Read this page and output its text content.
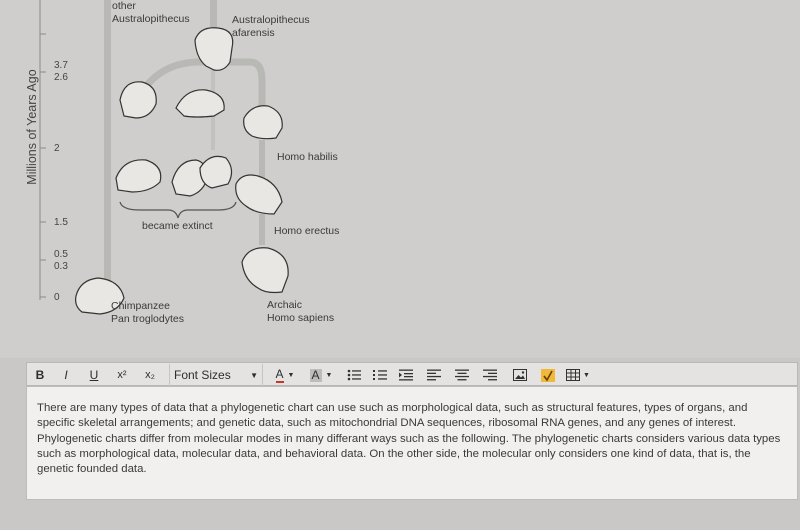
Millions of Years Ago
3.7
2.6
2
1.5
0.5
0.3
0
other
Australopithecus	Australopithecus
afarensis
Homo habilis
became extinct	Homo erectus
Chimpanzee
Pan troglodytes
Archaic
Homo sapiens
B	I	U	x²	x₂	Font Sizes ▼ A ▼ A ▼	▼
There are many types of data that a phylogenetic chart can use such as morphological data, such as structural features, types of organs, and specific skeletal arrangements; and genetic data, such as mitochondrial DNA sequences, ribosomal RNA genes, and any genes of interest. Phylogenetic charts differ from molecular modes in many differant ways such as the following. The phylogenetic charts considers various data types such as morphological data, molecular data, and behavioral data. On the other side, the molecular only considers one kind of data, that is, the genetic founded data.
